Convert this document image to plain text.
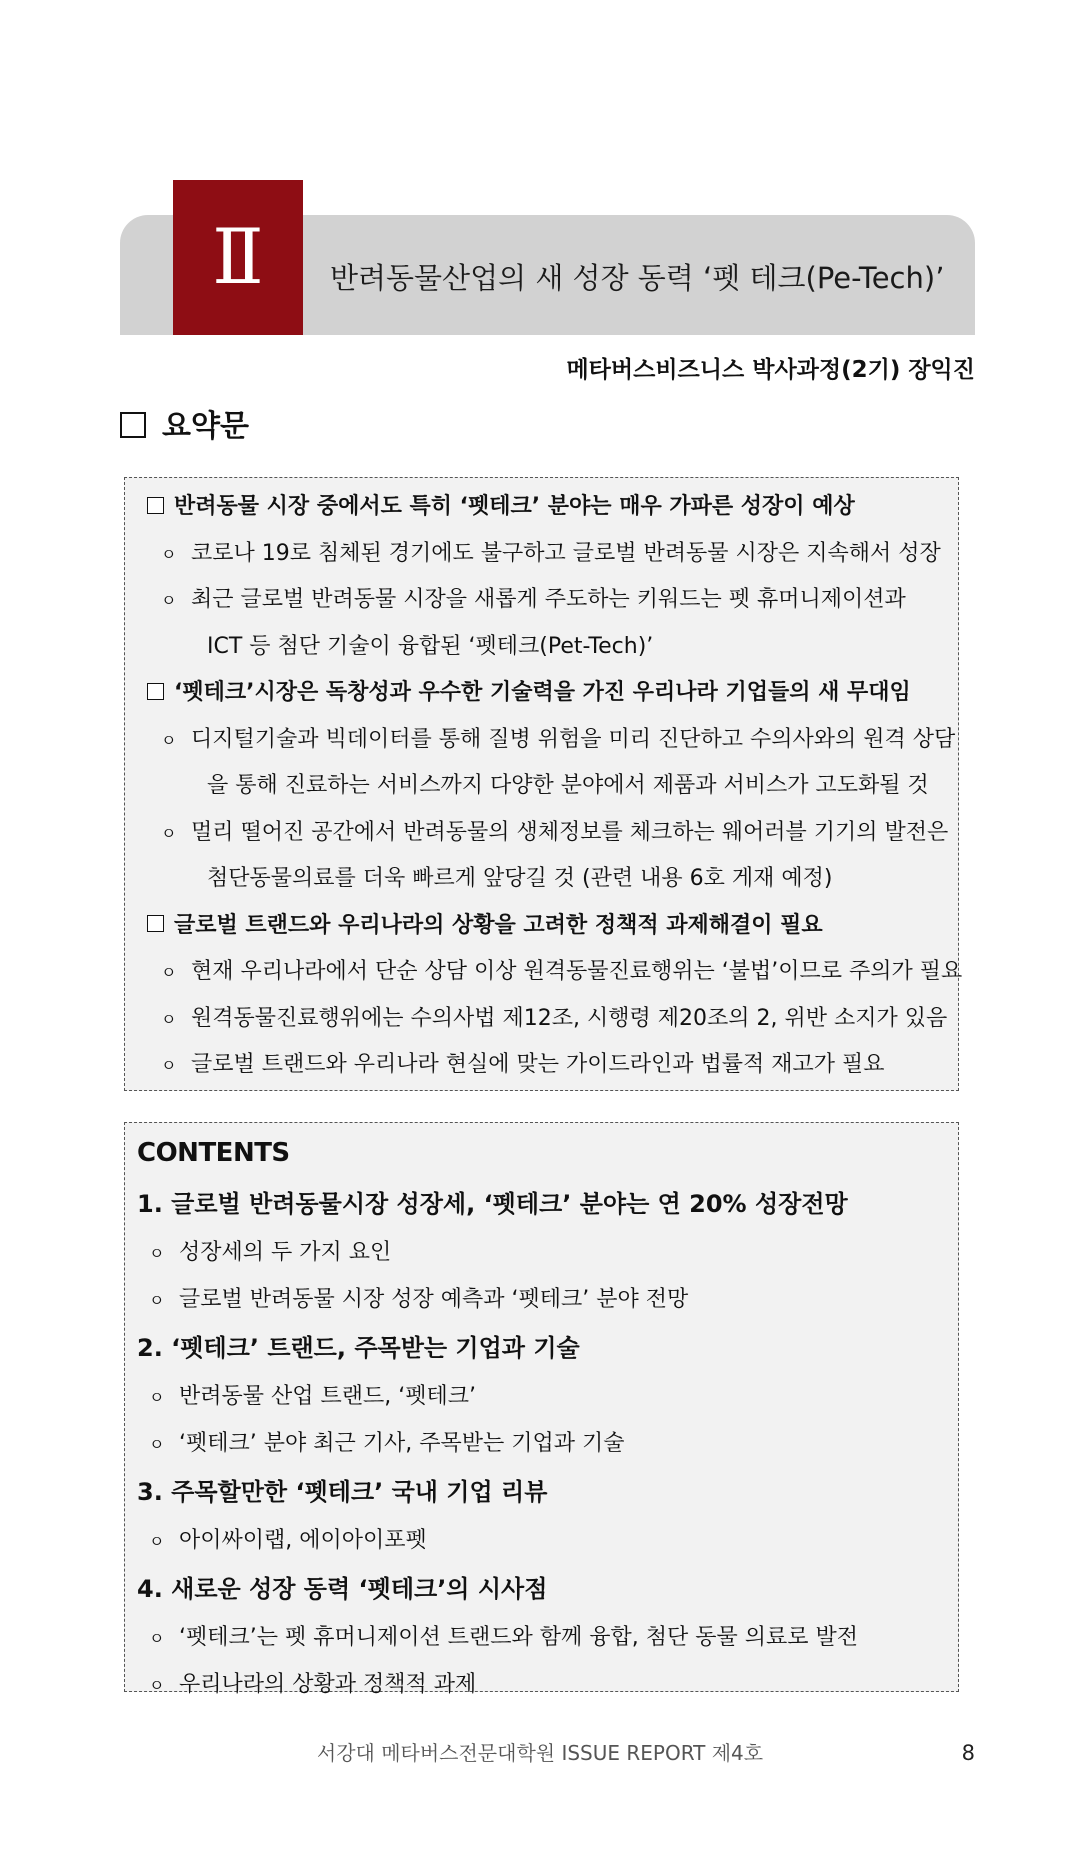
Ⅱ	반려동물산업의 새 성장 동력 ‘펫 테크(Pe-Tech)’
메타버스비즈니스 박사과정(2기) 장익진
요약문
반려동물 시장 중에서도 특히 ‘펫테크’ 분야는 매우 가파른 성장이 예상
ㅇ 코로나 19로 침체된 경기에도 불구하고 글로벌 반려동물 시장은 지속해서 성장
ㅇ 최근 글로벌 반려동물 시장을 새롭게 주도하는 키워드는 펫 휴머니제이션과
ICT 등 첨단 기술이 융합된 ‘펫테크(Pet-Tech)’
‘펫테크’시장은 독창성과 우수한 기술력을 가진 우리나라 기업들의 새 무대임
ㅇ 디지털기술과 빅데이터를 통해 질병 위험을 미리 진단하고 수의사와의 원격 상담
을 통해 진료하는 서비스까지 다양한 분야에서 제품과 서비스가 고도화될 것
ㅇ 멀리 떨어진 공간에서 반려동물의 생체정보를 체크하는 웨어러블 기기의 발전은
첨단동물의료를 더욱 빠르게 앞당길 것 (관련 내용 6호 게재 예정)
글로벌 트랜드와 우리나라의 상황을 고려한 정책적 과제해결이 필요
ㅇ 현재 우리나라에서 단순 상담 이상 원격동물진료행위는 ‘불법’이므로 주의가 필요
ㅇ 원격동물진료행위에는 수의사법 제12조, 시행령 제20조의 2, 위반 소지가 있음
ㅇ 글로벌 트랜드와 우리나라 현실에 맞는 가이드라인과 법률적 재고가 필요
CONTENTS
1. 글로벌 반려동물시장 성장세, ‘펫테크’ 분야는 연 20% 성장전망
ㅇ 성장세의 두 가지 요인
ㅇ 글로벌 반려동물 시장 성장 예측과 ‘펫테크’ 분야 전망
2. ‘펫테크’ 트랜드, 주목받는 기업과 기술
ㅇ 반려동물 산업 트랜드, ‘펫테크’
ㅇ ‘펫테크’ 분야 최근 기사, 주목받는 기업과 기술
3. 주목할만한 ‘펫테크’ 국내 기업 리뷰
ㅇ 아이싸이랩, 에이아이포펫
4. 새로운 성장 동력 ‘펫테크’의 시사점
ㅇ ‘펫테크’는 펫 휴머니제이션 트랜드와 함께 융합, 첨단 동물 의료로 발전
ㅇ 우리나라의 상황과 정책적 과제
서강대 메타버스전문대학원 ISSUE REPORT 제4호	8
